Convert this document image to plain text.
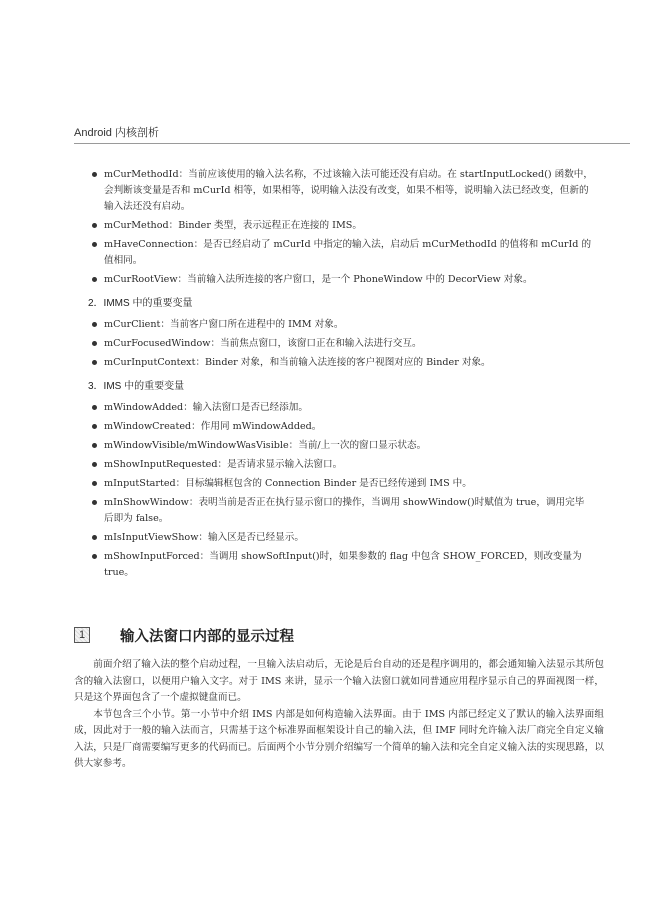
Android 内核剖析
mCurMethodId：当前应该使用的输入法名称，不过该输入法可能还没有启动。在 startInputLocked() 函数中，会判断该变量是否和 mCurId 相等，如果相等，说明输入法没有改变，如果不相等，说明输入法已经改变，但新的输入法还没有启动。
mCurMethod：Binder 类型，表示远程正在连接的 IMS。
mHaveConnection：是否已经启动了 mCurId 中指定的输入法，启动后 mCurMethodId 的值将和 mCurId 的值相同。
mCurRootView：当前输入法所连接的客户窗口，是一个 PhoneWindow 中的 DecorView 对象。
2．IMMS 中的重要变量
mCurClient：当前客户窗口所在进程中的 IMM 对象。
mCurFocusedWindow：当前焦点窗口，该窗口正在和输入法进行交互。
mCurInputContext：Binder 对象，和当前输入法连接的客户视图对应的 Binder 对象。
3．IMS 中的重要变量
mWindowAdded：输入法窗口是否已经添加。
mWindowCreated：作用同 mWindowAdded。
mWindowVisible/mWindowWasVisible：当前/上一次的窗口显示状态。
mShowInputRequested：是否请求显示输入法窗口。
mInputStarted：目标编辑框包含的 Connection Binder 是否已经传递到 IMS 中。
mInShowWindow：表明当前是否正在执行显示窗口的操作，当调用 showWindow()时赋值为 true，调用完毕后即为 false。
mIsInputViewShow：输入区是否已经显示。
mShowInputForced：当调用 showSoftInput()时，如果参数的 flag 中包含 SHOW_FORCED，则改变量为 true。
1	输入法窗口内部的显示过程

前面介绍了输入法的整个启动过程，一旦输入法启动后，无论是后台自动的还是程序调用的，都会通知输入法显示其所包含的输入法窗口，以便用户输入文字。对于 IMS 来讲，显示一个输入法窗口就如同普通应用程序显示自己的界面视图一样，只是这个界面包含了一个虚拟键盘而已。

本节包含三个小节。第一小节中介绍 IMS 内部是如何构造输入法界面。由于 IMS 内部已经定义了默认的输入法界面组成，因此对于一般的输入法而言，只需基于这个标准界面框架设计自己的输入法，但 IMF 同时允许输入法厂商完全自定义输入法，只是厂商需要编写更多的代码而已。后面两个小节分别介绍编写一个简单的输入法和完全自定义输入法的实现思路，以供大家参考。
